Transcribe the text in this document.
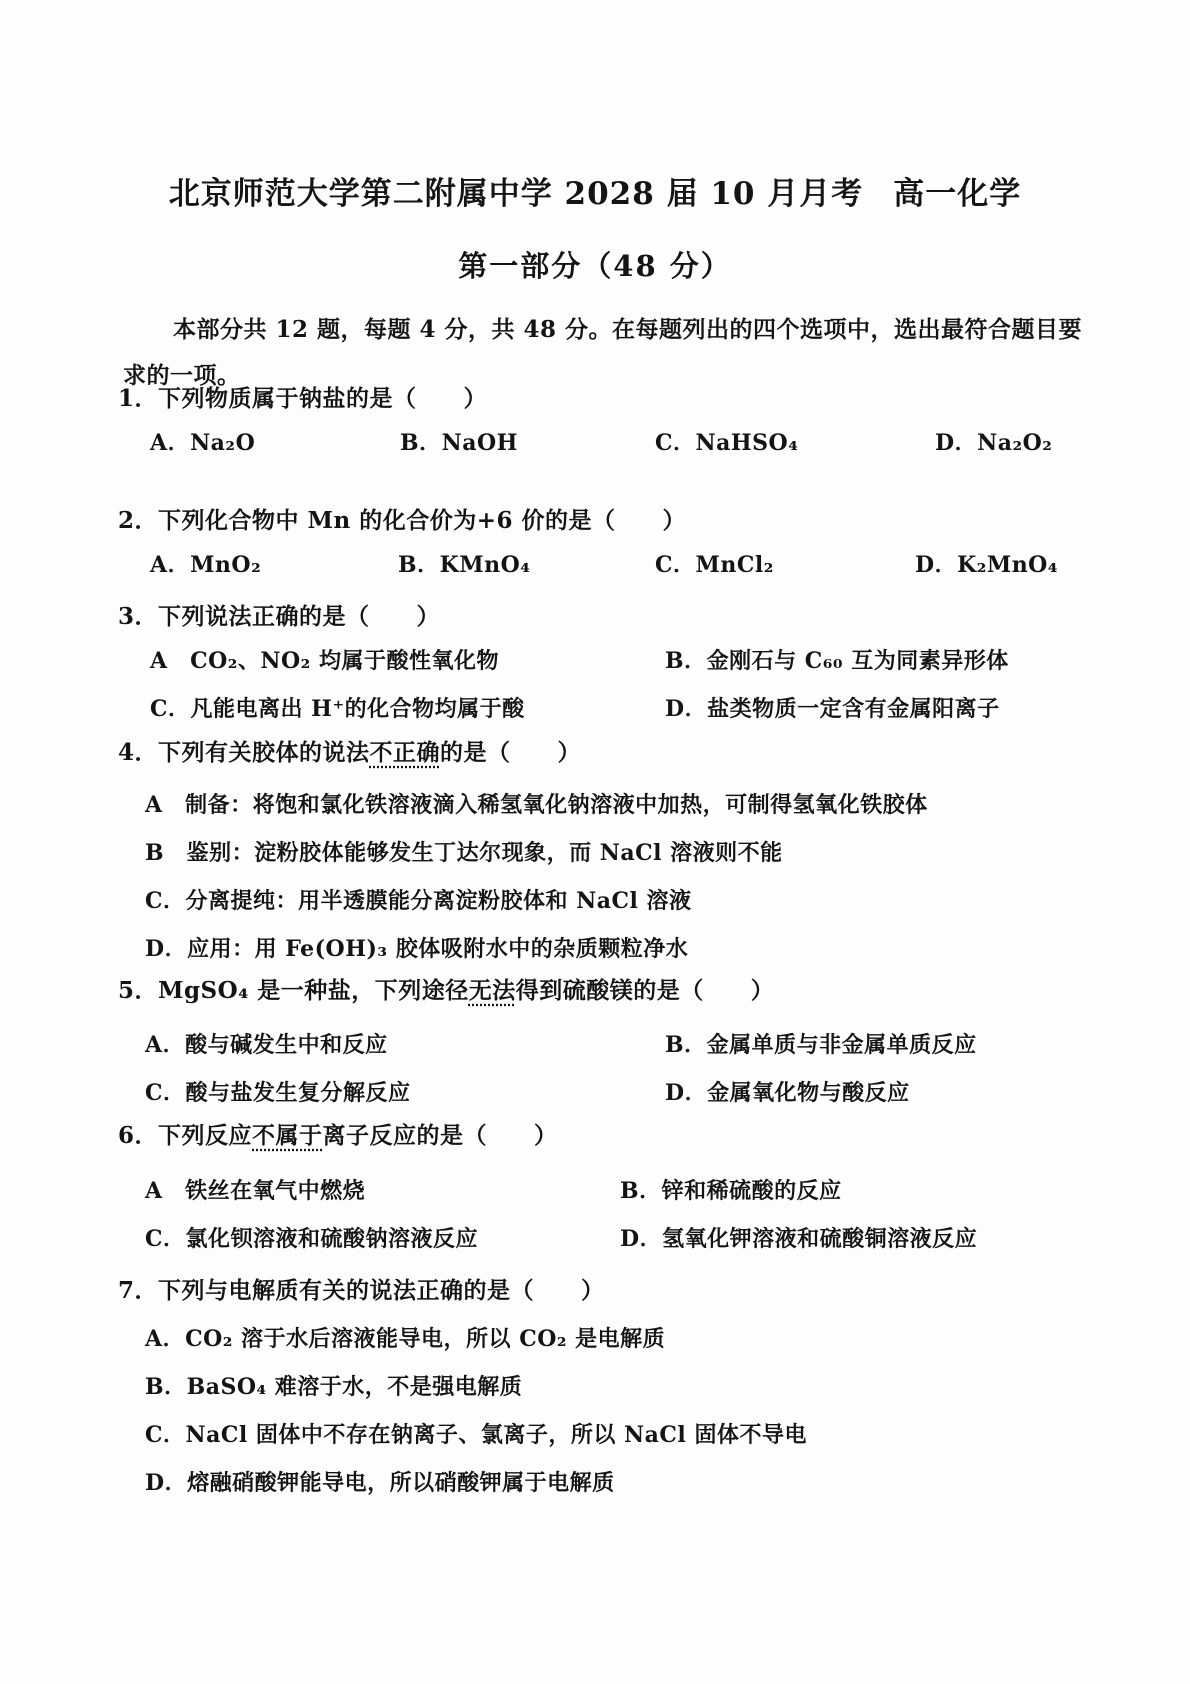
北京师范大学第二附属中学 2028 届 10 月月考 高一化学
第一部分（48 分）
本部分共 12 题，每题 4 分，共 48 分。在每题列出的四个选项中，选出最符合题目要求的一项。
1．下列物质属于钠盐的是（　　）
A．Na₂O	B．NaOH	C．NaHSO₄	D．Na₂O₂
2．下列化合物中 Mn 的化合价为+6 价的是（　　）
A．MnO₂	B．KMnO₄	C．MnCl₂	D．K₂MnO₄
3．下列说法正确的是（　　）
A　CO₂、NO₂ 均属于酸性氧化物	B．金刚石与 C₆₀ 互为同素异形体
C．凡能电离出 H⁺的化合物均属于酸	D．盐类物质一定含有金属阳离子
4．下列有关胶体的说法不正确的是（　　）
A　制备：将饱和氯化铁溶液滴入稀氢氧化钠溶液中加热，可制得氢氧化铁胶体
B　鉴别：淀粉胶体能够发生丁达尔现象，而 NaCl 溶液则不能
C．分离提纯：用半透膜能分离淀粉胶体和 NaCl 溶液
D．应用：用 Fe(OH)₃ 胶体吸附水中的杂质颗粒净水
5．MgSO₄ 是一种盐，下列途径无法得到硫酸镁的是（　　）
A．酸与碱发生中和反应	B．金属单质与非金属单质反应
C．酸与盐发生复分解反应	D．金属氧化物与酸反应
6．下列反应不属于离子反应的是（　　）
A　铁丝在氧气中燃烧	B．锌和稀硫酸的反应
C．氯化钡溶液和硫酸钠溶液反应	D．氢氧化钾溶液和硫酸铜溶液反应
7．下列与电解质有关的说法正确的是（　　）
A．CO₂ 溶于水后溶液能导电，所以 CO₂ 是电解质
B．BaSO₄ 难溶于水，不是强电解质
C．NaCl 固体中不存在钠离子、氯离子，所以 NaCl 固体不导电
D．熔融硝酸钾能导电，所以硝酸钾属于电解质
